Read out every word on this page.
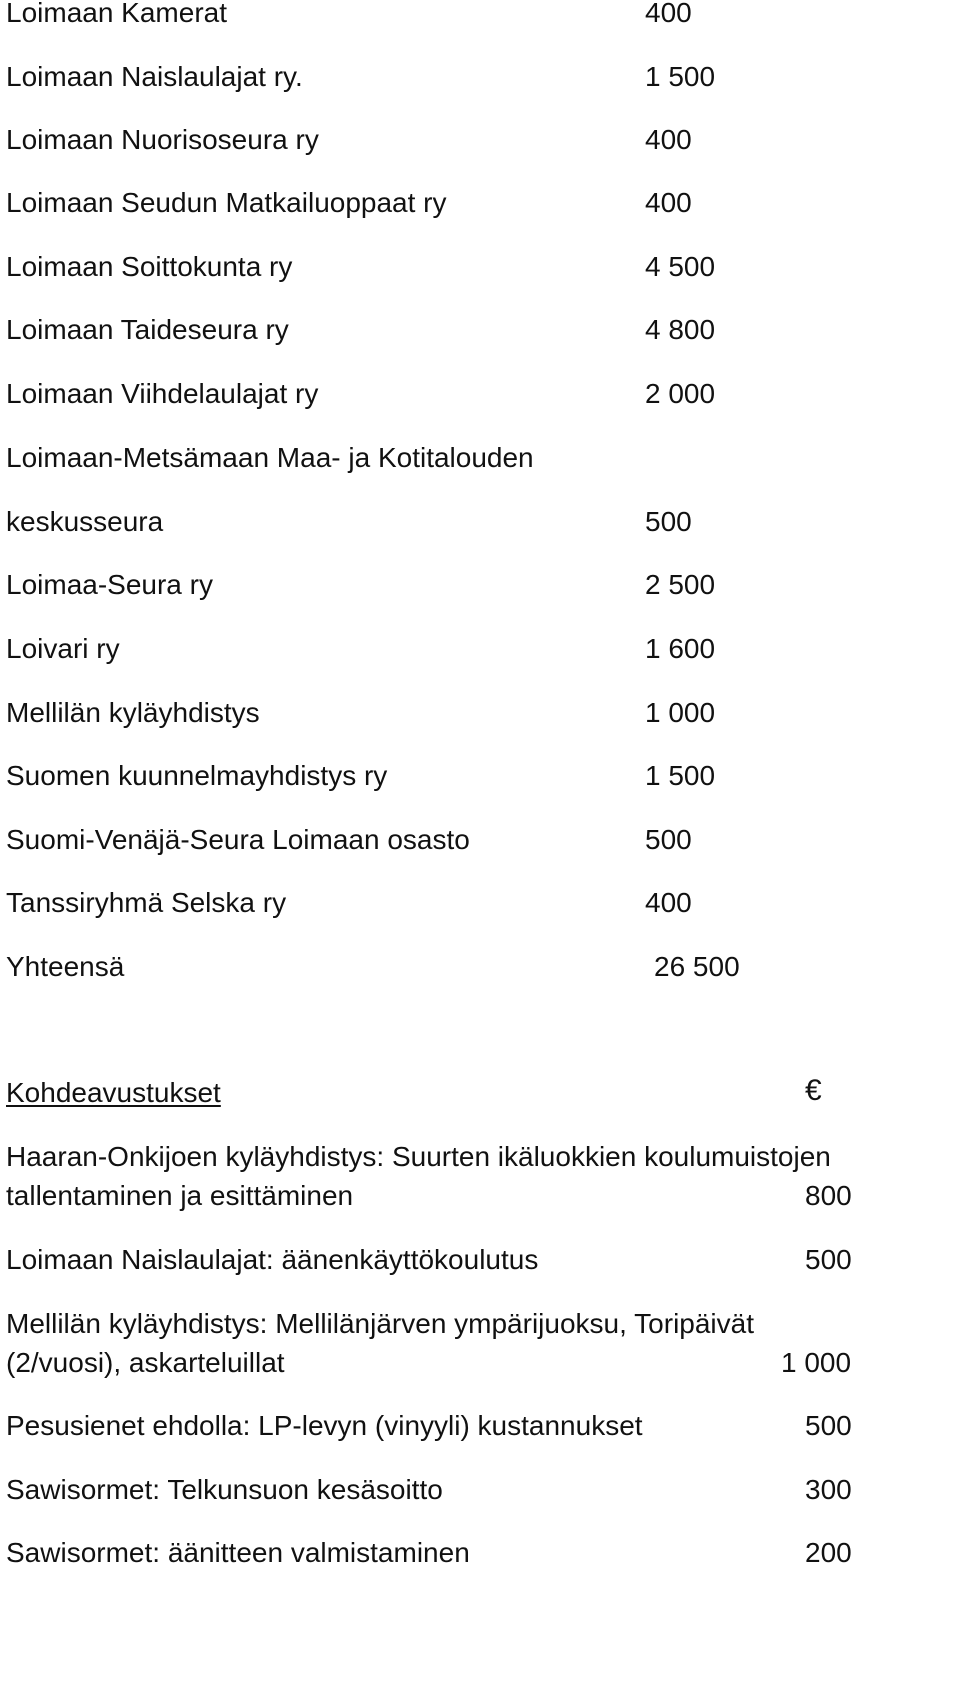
Loimaan Kamerat	400
Loimaan Naislaulajat ry.	1 500
Loimaan Nuorisoseura ry	400
Loimaan Seudun Matkailuoppaat ry	400
Loimaan Soittokunta ry	4 500
Loimaan Taideseura ry	4 800
Loimaan Viihdelaulajat ry	2 000
Loimaan-Metsämaan Maa- ja Kotitalouden
keskusseura	500
Loimaa-Seura ry	2 500
Loivari ry	1 600
Mellilän kyläyhdistys	1 000
Suomen kuunnelmayhdistys ry	1 500
Suomi-Venäjä-Seura Loimaan osasto	500
Tanssiryhmä Selska ry	400
Yhteensä	26 500
Kohdeavustukset	€
Haaran-Onkijoen kyläyhdistys: Suurten ikäluokkien koulumuistojen
tallentaminen ja esittäminen	800
Loimaan Naislaulajat: äänenkäyttökoulutus	500
Mellilän kyläyhdistys: Mellilänjärven ympärijuoksu, Toripäivät
(2/vuosi), askarteluillat	1 000
Pesusienet ehdolla: LP-levyn (vinyyli) kustannukset	500
Sawisormet: Telkunsuon kesäsoitto	300
Sawisormet: äänitteen valmistaminen	200
